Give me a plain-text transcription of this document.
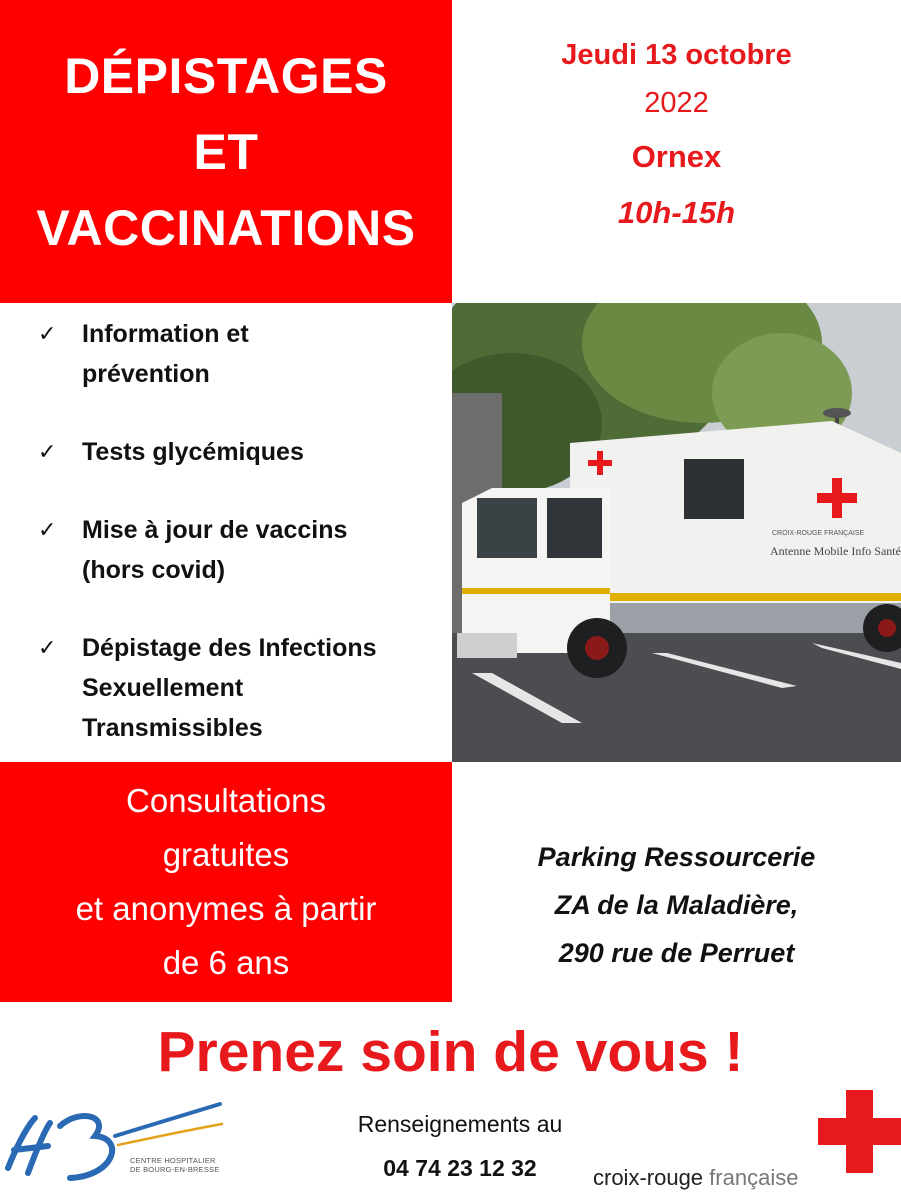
DÉPISTAGES
ET
VACCINATIONS
Jeudi 13 octobre
2022
Ornex
10h-15h
✓	Information et
prévention
✓	Tests glycémiques
✓	Mise à jour de vaccins
(hors covid)
✓	Dépistage des Infections
Sexuellement
Transmissibles
CROIX-ROUGE FRANÇAISE
Antenne Mobile Info Santé
Consultations
gratuites
et anonymes à partir
de 6 ans
Parking Ressourcerie
ZA de la Maladière,
290 rue de Perruet
Prenez soin de vous !
CENTRE HOSPITALIER
DE BOURG-EN-BRESSE
Renseignements au
04 74 23 12 32	croix-rouge française
